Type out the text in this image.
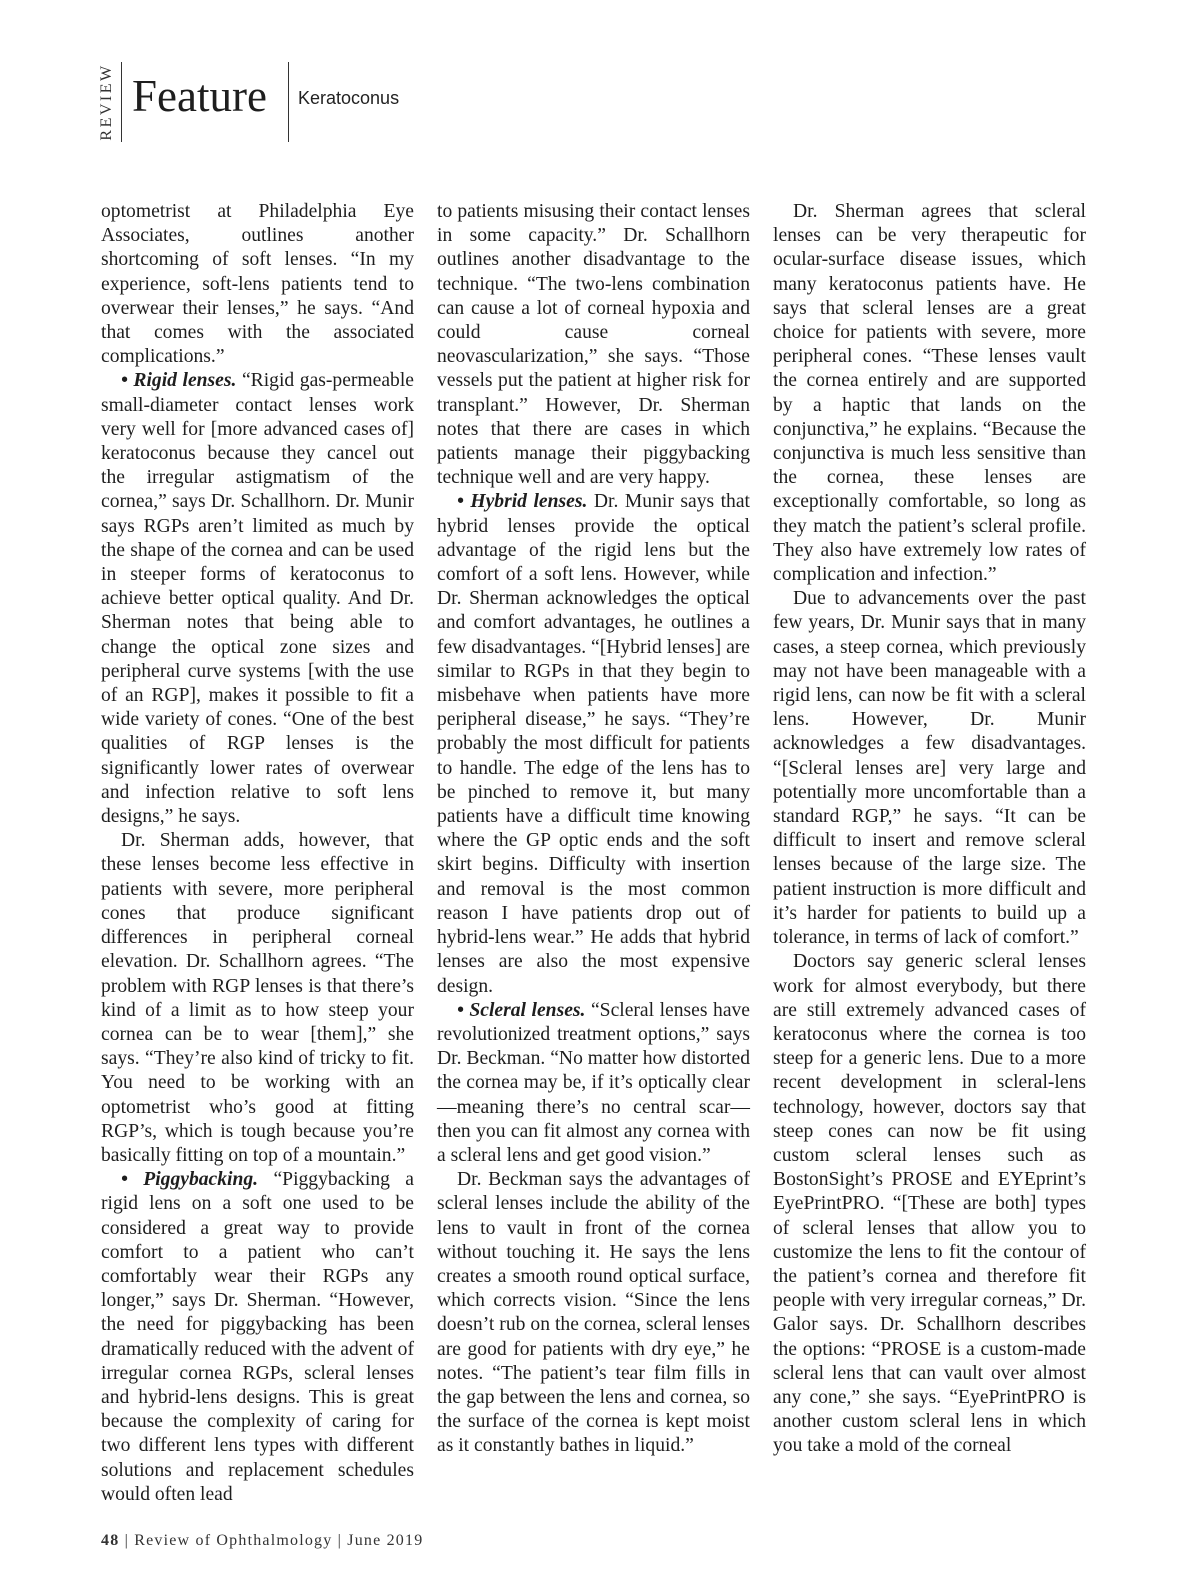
REVIEW Feature Keratoconus

optometrist at Philadelphia Eye Associates, outlines another shortcoming of soft lenses. “In my experience, soft-lens patients tend to overwear their lenses,” he says. “And that comes with the associated complications.”

• Rigid lenses. “Rigid gas-permeable small-diameter contact lenses work very well for [more advanced cases of] keratoconus because they cancel out the irregular astigmatism of the cornea,” says Dr. Schallhorn. Dr. Munir says RGPs aren’t limited as much by the shape of the cornea and can be used in steeper forms of keratoconus to achieve better optical quality. And Dr. Sherman notes that being able to change the optical zone sizes and peripheral curve systems [with the use of an RGP], makes it possible to fit a wide variety of cones. “One of the best qualities of RGP lenses is the significantly lower rates of overwear and infection relative to soft lens designs,” he says.

Dr. Sherman adds, however, that these lenses become less effective in patients with severe, more peripheral cones that produce significant differences in peripheral corneal elevation. Dr. Schallhorn agrees. “The problem with RGP lenses is that there’s kind of a limit as to how steep your cornea can be to wear [them],” she says. “They’re also kind of tricky to fit. You need to be working with an optometrist who’s good at fitting RGP’s, which is tough because you’re basically fitting on top of a mountain.”

• Piggybacking. “Piggybacking a rigid lens on a soft one used to be considered a great way to provide comfort to a patient who can’t comfortably wear their RGPs any longer,” says Dr. Sherman. “However, the need for piggybacking has been dramatically reduced with the advent of irregular cornea RGPs, scleral lenses and hybrid-lens designs. This is great because the complexity of caring for two different lens types with different solutions and replacement schedules would often lead

to patients misusing their contact lenses in some capacity.” Dr. Schallhorn outlines another disadvantage to the technique. “The two-lens combination can cause a lot of corneal hypoxia and could cause corneal neovascularization,” she says. “Those vessels put the patient at higher risk for transplant.” However, Dr. Sherman notes that there are cases in which patients manage their piggybacking technique well and are very happy.

• Hybrid lenses. Dr. Munir says that hybrid lenses provide the optical advantage of the rigid lens but the comfort of a soft lens. However, while Dr. Sherman acknowledges the optical and comfort advantages, he outlines a few disadvantages. “[Hybrid lenses] are similar to RGPs in that they begin to misbehave when patients have more peripheral disease,” he says. “They’re probably the most difficult for patients to handle. The edge of the lens has to be pinched to remove it, but many patients have a difficult time knowing where the GP optic ends and the soft skirt begins. Difficulty with insertion and removal is the most common reason I have patients drop out of hybrid-lens wear.” He adds that hybrid lenses are also the most expensive design.

• Scleral lenses. “Scleral lenses have revolutionized treatment options,” says Dr. Beckman. “No matter how distorted the cornea may be, if it’s optically clear—meaning there’s no central scar—then you can fit almost any cornea with a scleral lens and get good vision.”

Dr. Beckman says the advantages of scleral lenses include the ability of the lens to vault in front of the cornea without touching it. He says the lens creates a smooth round optical surface, which corrects vision. “Since the lens doesn’t rub on the cornea, scleral lenses are good for patients with dry eye,” he notes. “The patient’s tear film fills in the gap between the lens and cornea, so the surface of the cornea is kept moist as it constantly bathes in liquid.”

Dr. Sherman agrees that scleral lenses can be very therapeutic for ocular-surface disease issues, which many keratoconus patients have. He says that scleral lenses are a great choice for patients with severe, more peripheral cones. “These lenses vault the cornea entirely and are supported by a haptic that lands on the conjunctiva,” he explains. “Because the conjunctiva is much less sensitive than the cornea, these lenses are exceptionally comfortable, so long as they match the patient’s scleral profile. They also have extremely low rates of complication and infection.”

Due to advancements over the past few years, Dr. Munir says that in many cases, a steep cornea, which previously may not have been manageable with a rigid lens, can now be fit with a scleral lens. However, Dr. Munir acknowledges a few disadvantages. “[Scleral lenses are] very large and potentially more uncomfortable than a standard RGP,” he says. “It can be difficult to insert and remove scleral lenses because of the large size. The patient instruction is more difficult and it’s harder for patients to build up a tolerance, in terms of lack of comfort.”

Doctors say generic scleral lenses work for almost everybody, but there are still extremely advanced cases of keratoconus where the cornea is too steep for a generic lens. Due to a more recent development in scleral-lens technology, however, doctors say that steep cones can now be fit using custom scleral lenses such as BostonSight’s PROSE and EYEprint’s EyePrintPRO. “[These are both] types of scleral lenses that allow you to customize the lens to fit the contour of the patient’s cornea and therefore fit people with very irregular corneas,” Dr. Galor says. Dr. Schallhorn describes the options: “PROSE is a custom-made scleral lens that can vault over almost any cone,” she says. “EyePrintPRO is another custom scleral lens in which you take a mold of the corneal

48 | Review of Ophthalmology | June 2019
